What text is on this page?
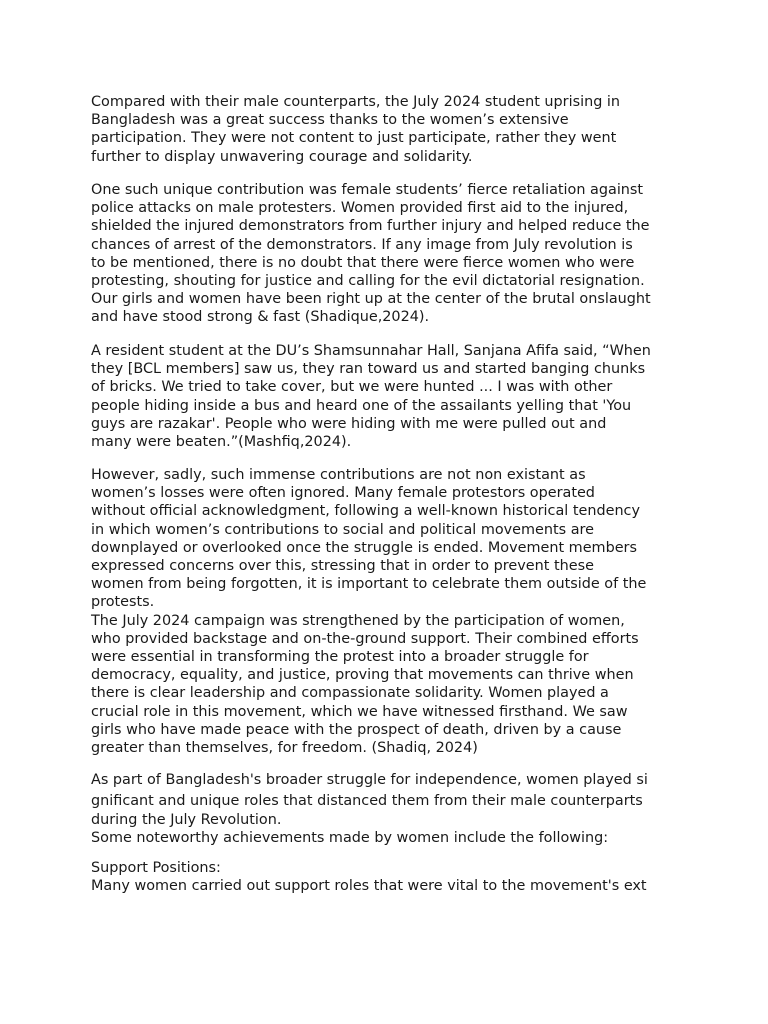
Compared with their male counterparts, the July 2024 student uprising in
Bangladesh was a great success thanks to the women’s extensive
participation. They were not content to just participate, rather they went
further to display unwavering courage and solidarity.
One such unique contribution was female students’ fierce retaliation against
police attacks on male protesters. Women provided first aid to the injured,
shielded the injured demonstrators from further injury and helped reduce the
chances of arrest of the demonstrators. If any image from July revolution is
to be mentioned, there is no doubt that there were fierce women who were
protesting, shouting for justice and calling for the evil dictatorial resignation.
Our girls and women have been right up at the center of the brutal onslaught
and have stood strong & fast (Shadique,2024).
A resident student at the DU’s Shamsunnahar Hall, Sanjana Afifa said, “When
they [BCL members] saw us, they ran toward us and started banging chunks
of bricks. We tried to take cover, but we were hunted ... I was with other
people hiding inside a bus and heard one of the assailants yelling that 'You
guys are razakar'. People who were hiding with me were pulled out and
many were beaten.”(Mashfiq,2024).
However, sadly, such immense contributions are not non existant as
women’s losses were often ignored. Many female protestors operated
without official acknowledgment, following a well-known historical tendency
in which women’s contributions to social and political movements are
downplayed or overlooked once the struggle is ended. Movement members
expressed concerns over this, stressing that in order to prevent these
women from being forgotten, it is important to celebrate them outside of the
protests.
The July 2024 campaign was strengthened by the participation of women,
who provided backstage and on-the-ground support. Their combined efforts
were essential in transforming the protest into a broader struggle for
democracy, equality, and justice, proving that movements can thrive when
there is clear leadership and compassionate solidarity. Women played a
crucial role in this movement, which we have witnessed firsthand. We saw
girls who have made peace with the prospect of death, driven by a cause
greater than themselves, for freedom. (Shadiq, 2024)
As part of Bangladesh's broader struggle for independence, women played si
gnificant and unique roles that distanced them from their male counterparts
during the July Revolution.
Some noteworthy achievements made by women include the following:
Support Positions:
Many women carried out support roles that were vital to the movement's ext
